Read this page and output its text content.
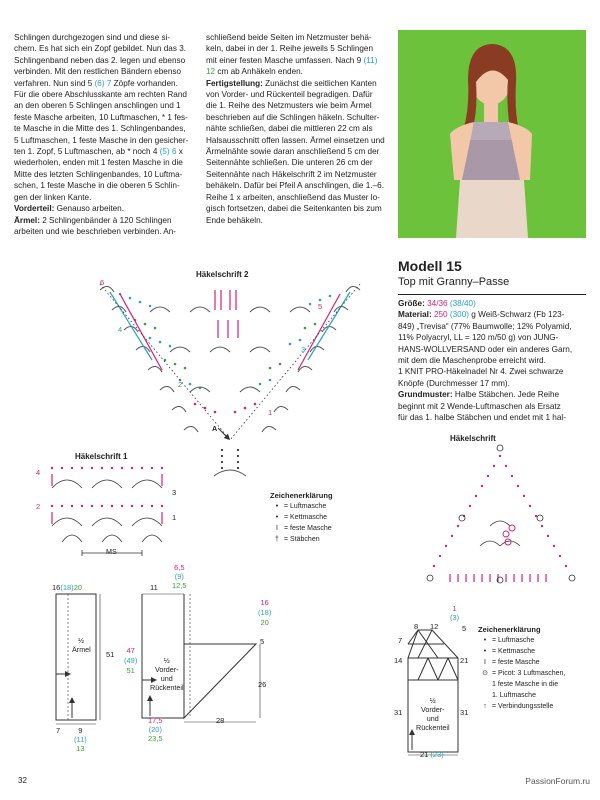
Schlingen durchgezogen sind und diese si-

chern. Es hat sich ein Zopf gebildet. Nun das 3.

Schlingenband neben das 2. legen und ebenso

verbinden. Mit den restlichen Bändern ebenso

verfahren. Nun sind 5 (6) 7 Zöpfe vorhanden.

Für die obere Abschlusskante am rechten Rand

an den oberen 5 Schlingen anschlingen und 1

feste Masche arbeiten, 10 Luftmaschen, * 1 fes-

te Masche in die Mitte des 1. Schlingenbandes,

5 Luftmaschen, 1 feste Masche in den gesicher-

ten 1. Zopf, 5 Luftmaschen, ab * noch 4 (5) 6 x

wiederholen, enden mit 1 festen Masche in die

Mitte des letzten Schlingenbandes, 10 Luftma-

schen, 1 feste Masche in die oberen 5 Schlin-

gen der linken Kante.

Vorderteil: Genauso arbeiten.

Ärmel: 2 Schlingenbänder à 120 Schlingen

arbeiten und wie beschrieben verbinden. An-

schließend beide Seiten im Netzmuster behä-

keln, dabei in der 1. Reihe jeweils 5 Schlingen

mit einer festen Masche umfassen. Nach 9 (11)

12 cm ab Anhäkeln enden.

Fertigstellung: Zunächst die seitlichen Kanten

von Vorder- und Rückenteil begradigen. Dafür

die 1. Reihe des Netzmusters wie beim Ärmel

beschrieben auf die Schlingen häkeln. Schulter-

nähte schließen, dabei die mittleren 22 cm als

Halsausschnitt offen lassen. Ärmel einsetzen und

Ärmelnähte sowie daran anschließend 5 cm der

Seitennähte schließen. Die unteren 26 cm der

Seitennähte nach Häkelschrift 2 im Netzmuster

behäkeln. Dafür bei Pfeil A anschlingen, die 1.–6.

Reihe 1 x arbeiten, anschließend das Muster lo-

gisch fortsetzen, dabei die Seitenkanten bis zum

Ende behäkeln.

Modell 15
Top mit Granny–Passe

Größe: 34/36 (38/40)

Material: 250 (300) g Weiß-Schwarz (Fb 123-

849) „Trevisa“ (77% Baumwolle; 12% Polyamid,

11% Polyacryl, LL = 120 m/50 g) von JUNG-

HANS-WOLLVERSAND oder ein anderes Garn,

mit dem die Maschenprobe erreicht wird.

1 KNIT PRO-Häkelnadel Nr 4. Zwei schwarze

Knöpfe (Durchmesser 17 mm).

Grundmuster: Halbe Stäbchen. Jede Reihe

beginnt mit 2 Wende-Luftmaschen als Ersatz

für das 1. halbe Stäbchen und endet mit 1 hal-

Häkelschrift 2
A
6
4
2
1
5
3
Häkelschrift 1
4
2
3
1
MS
Zeichenerklärung
• = Luftmasche
• = Kettmasche
I = feste Masche
† = Stäbchen
Häkelschrift
Zeichenerklärung
• = Luftmasche
• = Kettmasche
I = feste Masche
⊙ = Picot: 3 Luftmaschen,
1 feste Masche in die
1. Luftmasche
↑ = Verbindungsstelle
16(18)20
½
Ärmel
51
7	9
(11)
13
11
6,5
(9)
12,5
47
(49)
51
½
Vorder-
und
Rückenteil
16
(18)
20
5
26
17,5
(20)
23,5
28
8 12
1
(3)
5
7
14	21
31	31
½
Vorder-
und
Rückenteil
21 (23)
32	PassionForum.ru
